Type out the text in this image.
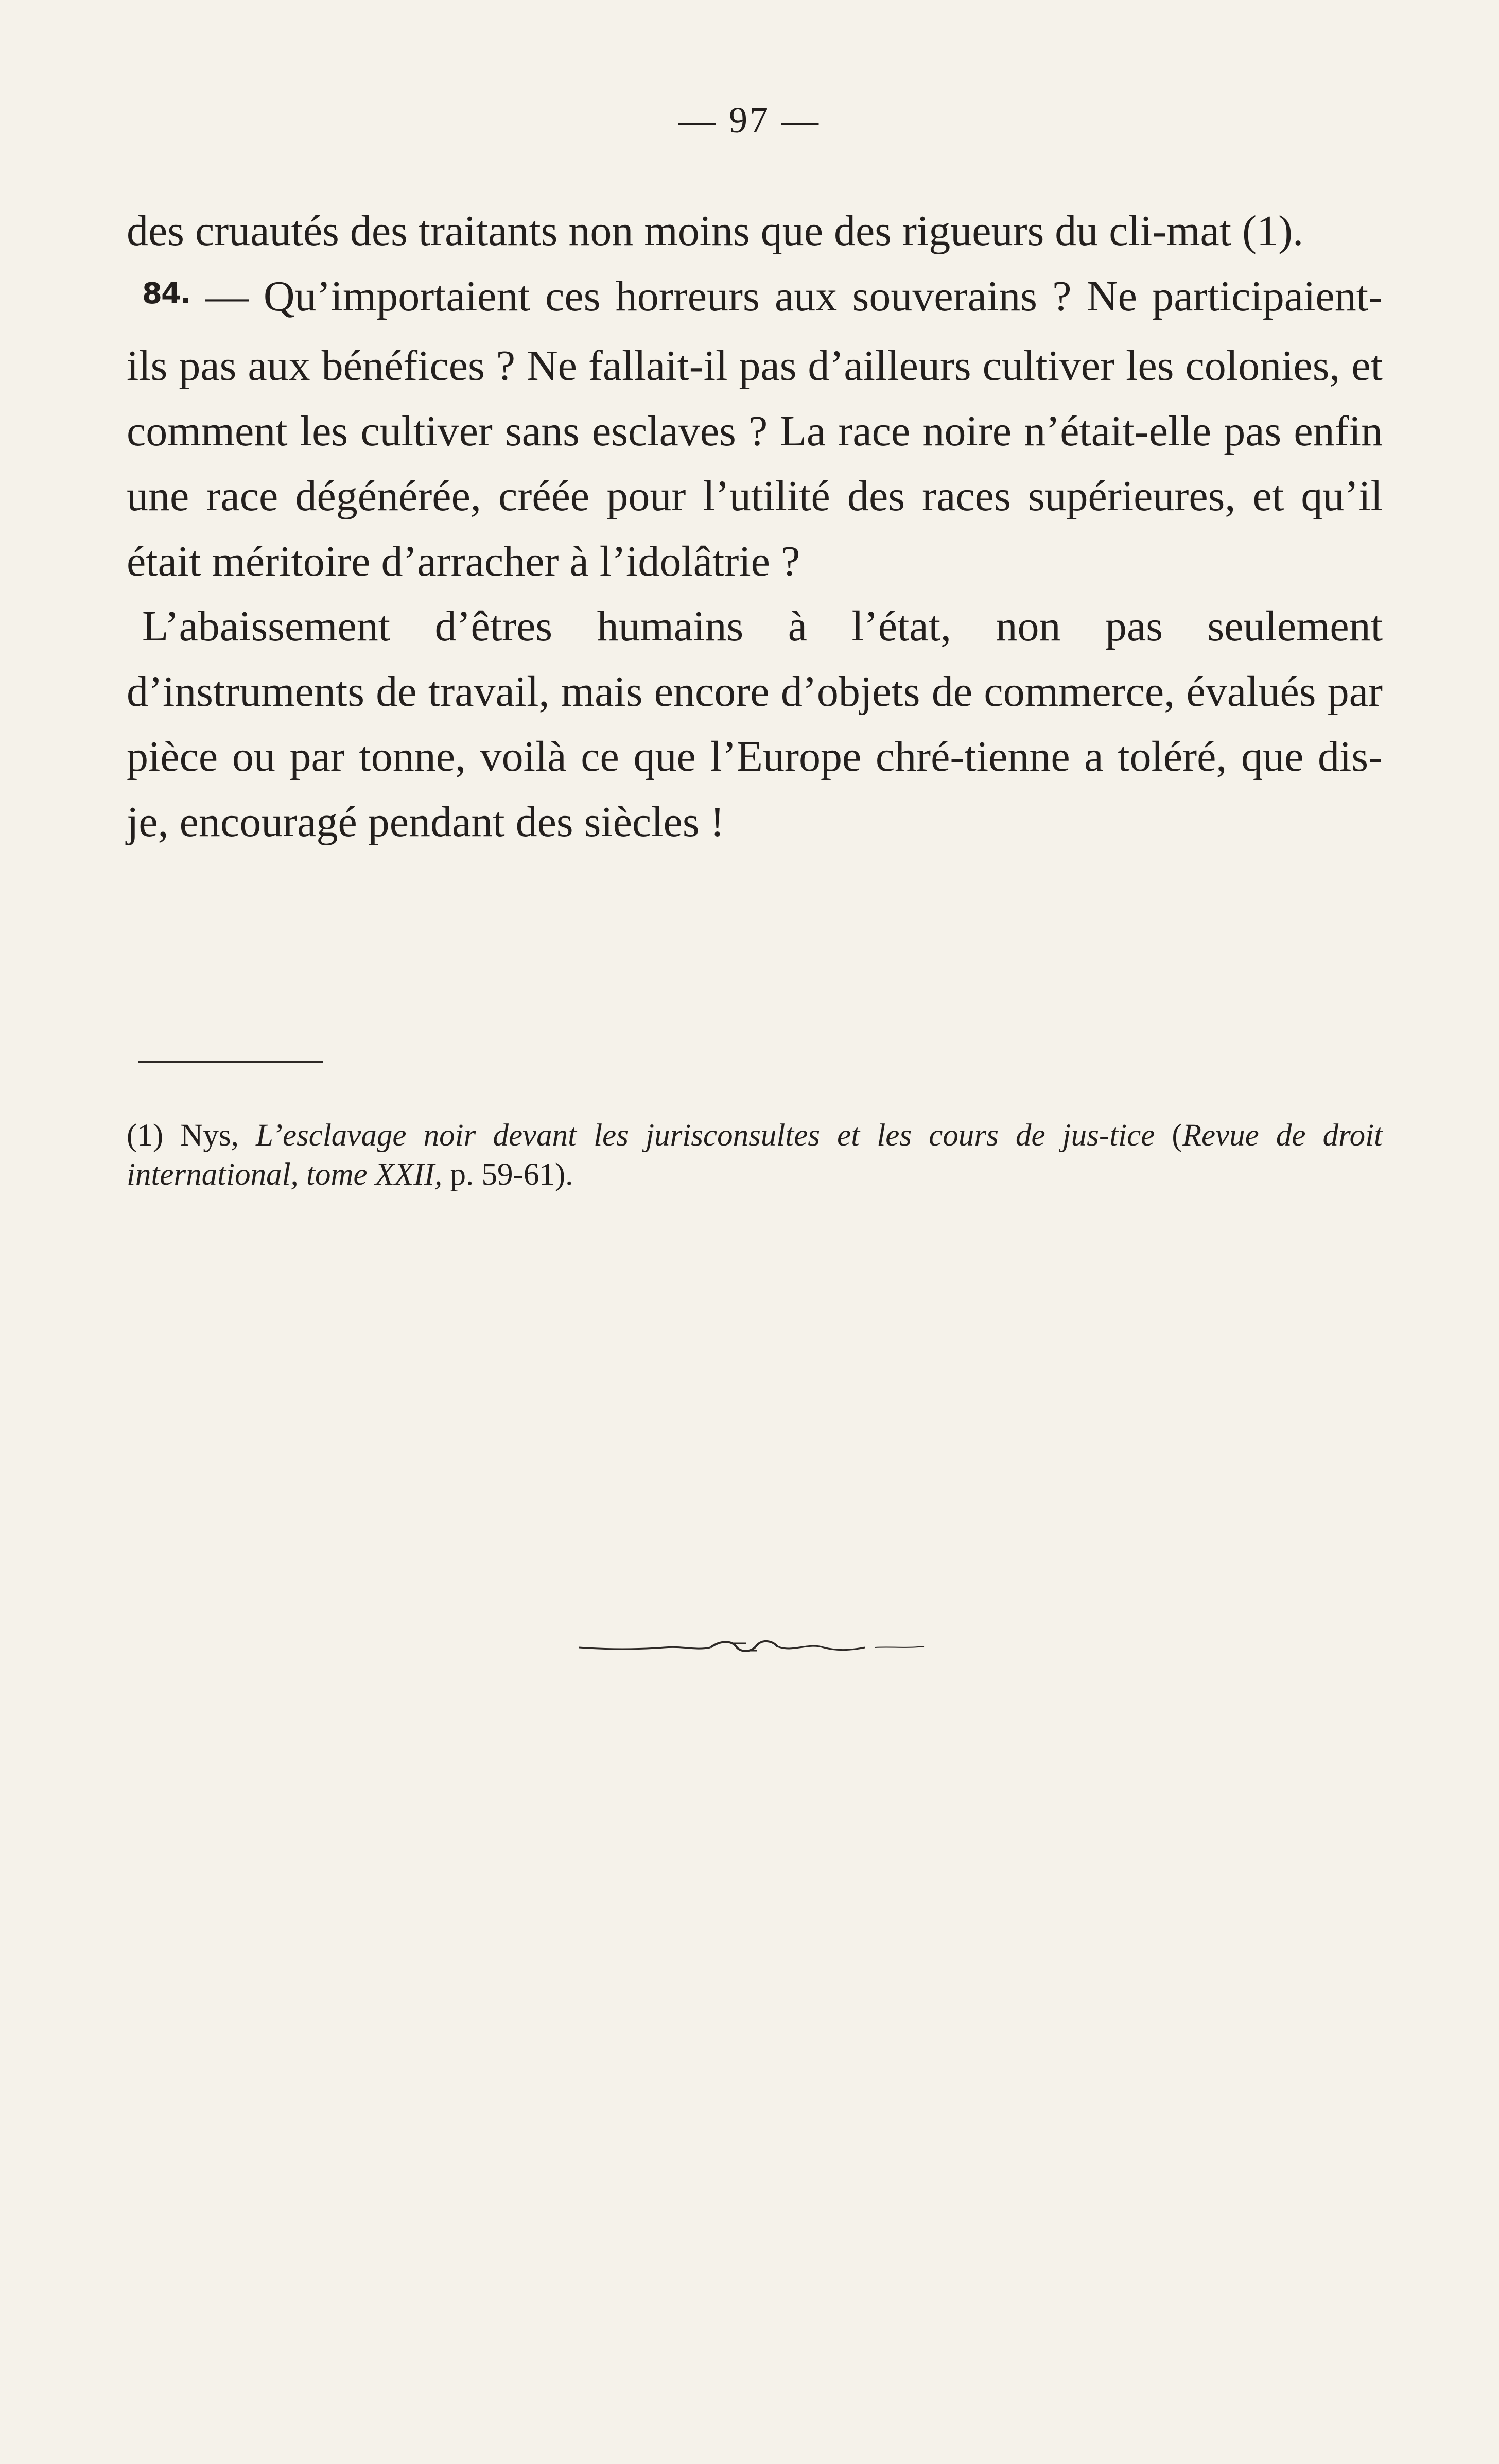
— 97 —

des cruautés des traitants non moins que des rigueurs du cli-mat (1).

84. — Qu’importaient ces horreurs aux souverains ? Ne participaient-ils pas aux bénéfices ? Ne fallait-il pas d’ailleurs cultiver les colonies, et comment les cultiver sans esclaves ? La race noire n’était-elle pas enfin une race dégénérée, créée pour l’utilité des races supérieures, et qu’il était méritoire d’arracher à l’idolâtrie ?

L’abaissement d’êtres humains à l’état, non pas seulement d’instruments de travail, mais encore d’objets de commerce, évalués par pièce ou par tonne, voilà ce que l’Europe chré-tienne a toléré, que dis-je, encouragé pendant des siècles !

(1) Nys, L’esclavage noir devant les jurisconsultes et les cours de jus-tice (Revue de droit international, tome XXII, p. 59-61).
